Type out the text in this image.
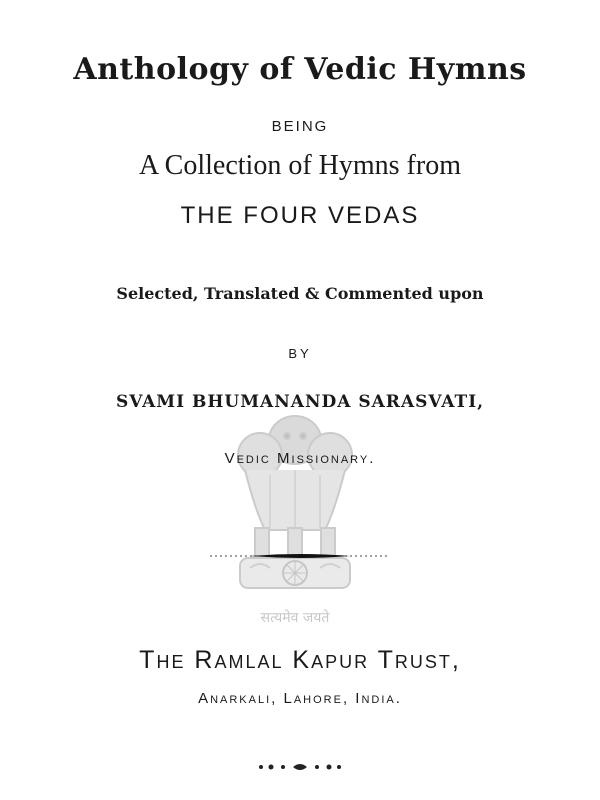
Anthology of Vedic Hymns
BEING
A Collection of Hymns from
THE FOUR VEDAS
Selected, Translated & Commented upon
BY
SVAMI BHUMANANDA SARASVATI,
सत्यमेव जयते
Vedic Missionary.
The Ramlal Kapur Trust,
Anarkali, Lahore, India.
